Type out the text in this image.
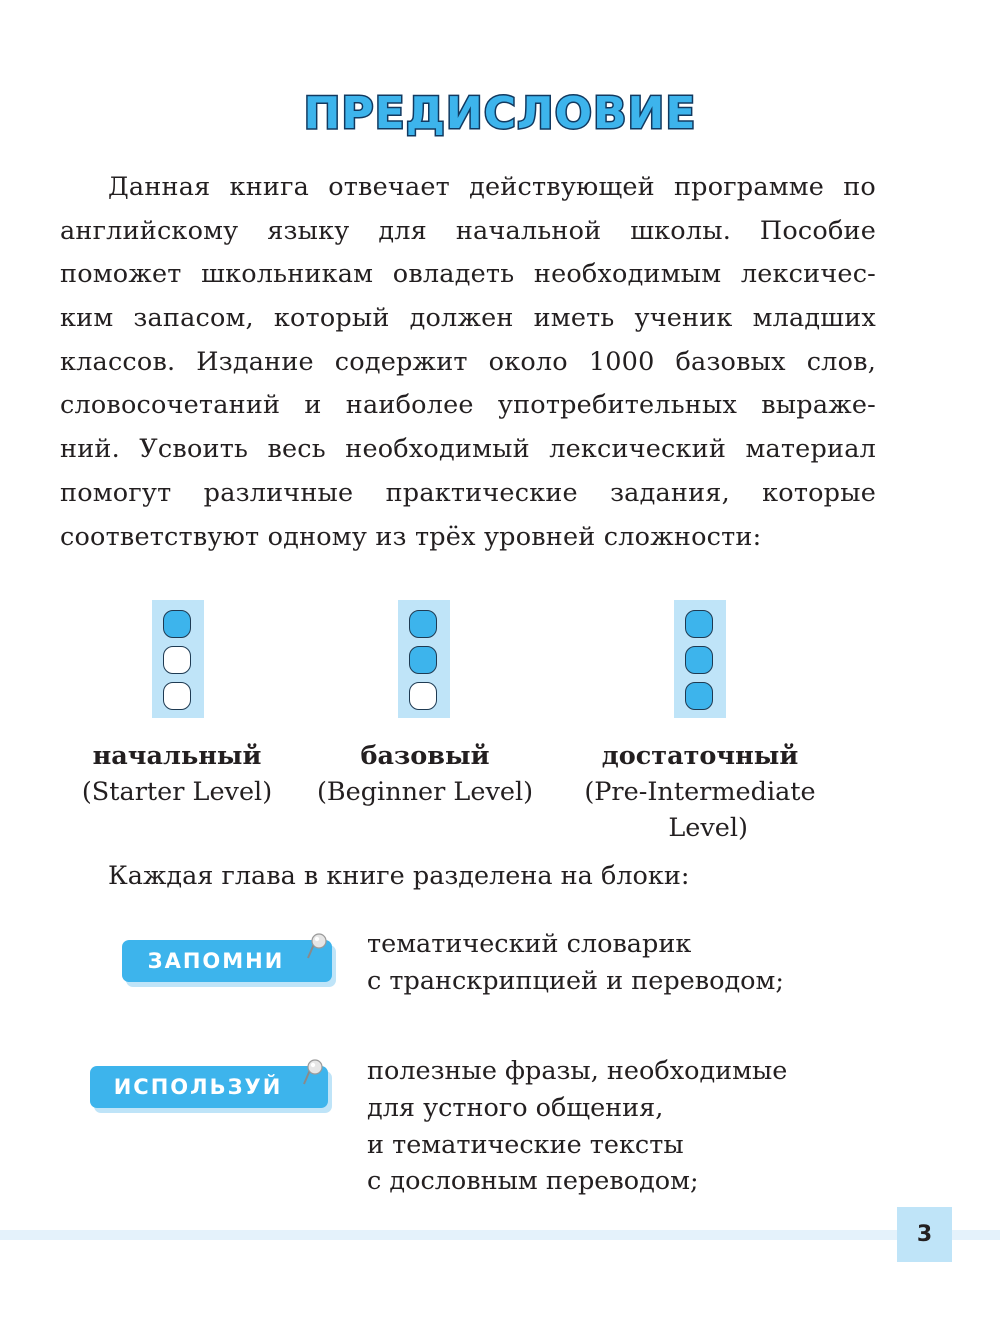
ПРЕДИСЛОВИЕ
Данная книга отвечает действующей программе по
английскому языку для начальной школы. Пособие
поможет школьникам овладеть необходимым лексичес-
ким запасом, который должен иметь ученик младших
классов. Издание содержит около 1000 базовых слов,
словосочетаний и наиболее употребительных выраже-
ний. Усвоить весь необходимый лексический материал
помогут различные практические задания, которые
соответствуют одному из трёх уровней сложности:
начальный
(Starter Level)
базовый
(Beginner Level)
достаточный
(Pre-Intermediate
Level)
Каждая глава в книге разделена на блоки:
ЗАПОМНИ
тематический словарик
с транскрипцией и переводом;
ИСПОЛЬЗУЙ
полезные фразы, необходимые
для устного общения,
и тематические тексты
с дословным переводом;
3
